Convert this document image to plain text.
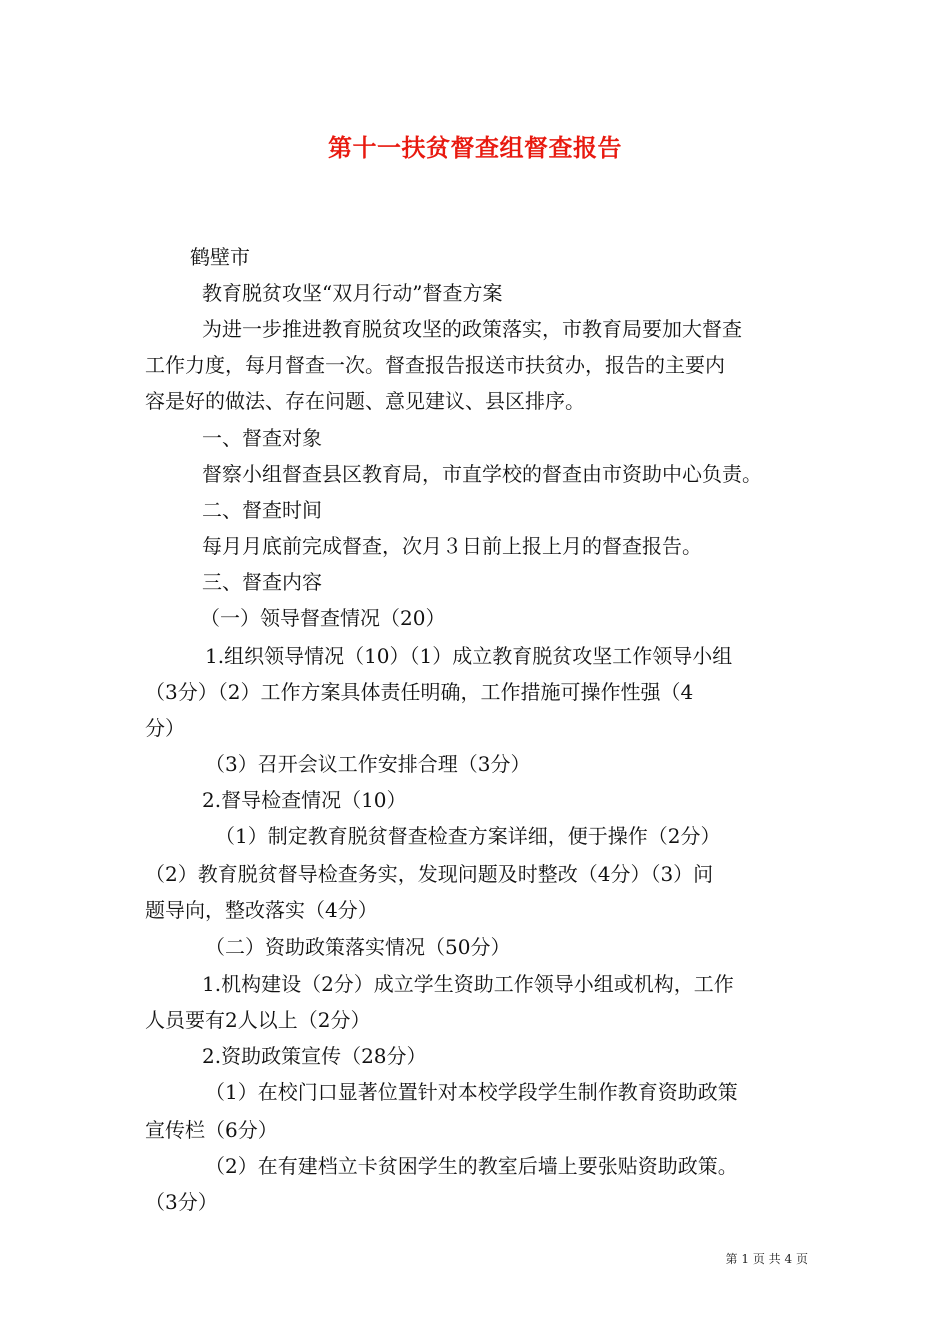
第十一扶贫督查组督查报告
鹤壁市
教育脱贫攻坚“双月行动”督查方案
为进一步推进教育脱贫攻坚的政策落实，市教育局要加大督查
工作力度，每月督查一次。督查报告报送市扶贫办，报告的主要内
容是好的做法、存在问题、意见建议、县区排序。
一、督查对象
督察小组督查县区教育局，市直学校的督查由市资助中心负责。
二、督查时间
每月月底前完成督查，次月３日前上报上月的督查报告。
三、督查内容
（一）领导督查情况（20）
1.组织领导情况（10）（1）成立教育脱贫攻坚工作领导小组
（3分）（2）工作方案具体责任明确，工作措施可操作性强（4
分）
（3）召开会议工作安排合理（3分）
2.督导检查情况（10）
（1）制定教育脱贫督查检查方案详细，便于操作（2分）
（2）教育脱贫督导检查务实，发现问题及时整改（4分）（3）问
题导向，整改落实（4分）
（二）资助政策落实情况（50分）
1.机构建设（2分）成立学生资助工作领导小组或机构，工作
人员要有2人以上（2分）
2.资助政策宣传（28分）
（1）在校门口显著位置针对本校学段学生制作教育资助政策
宣传栏（6分）
（2）在有建档立卡贫困学生的教室后墙上要张贴资助政策。
（3分）
第 1 页 共 4 页
